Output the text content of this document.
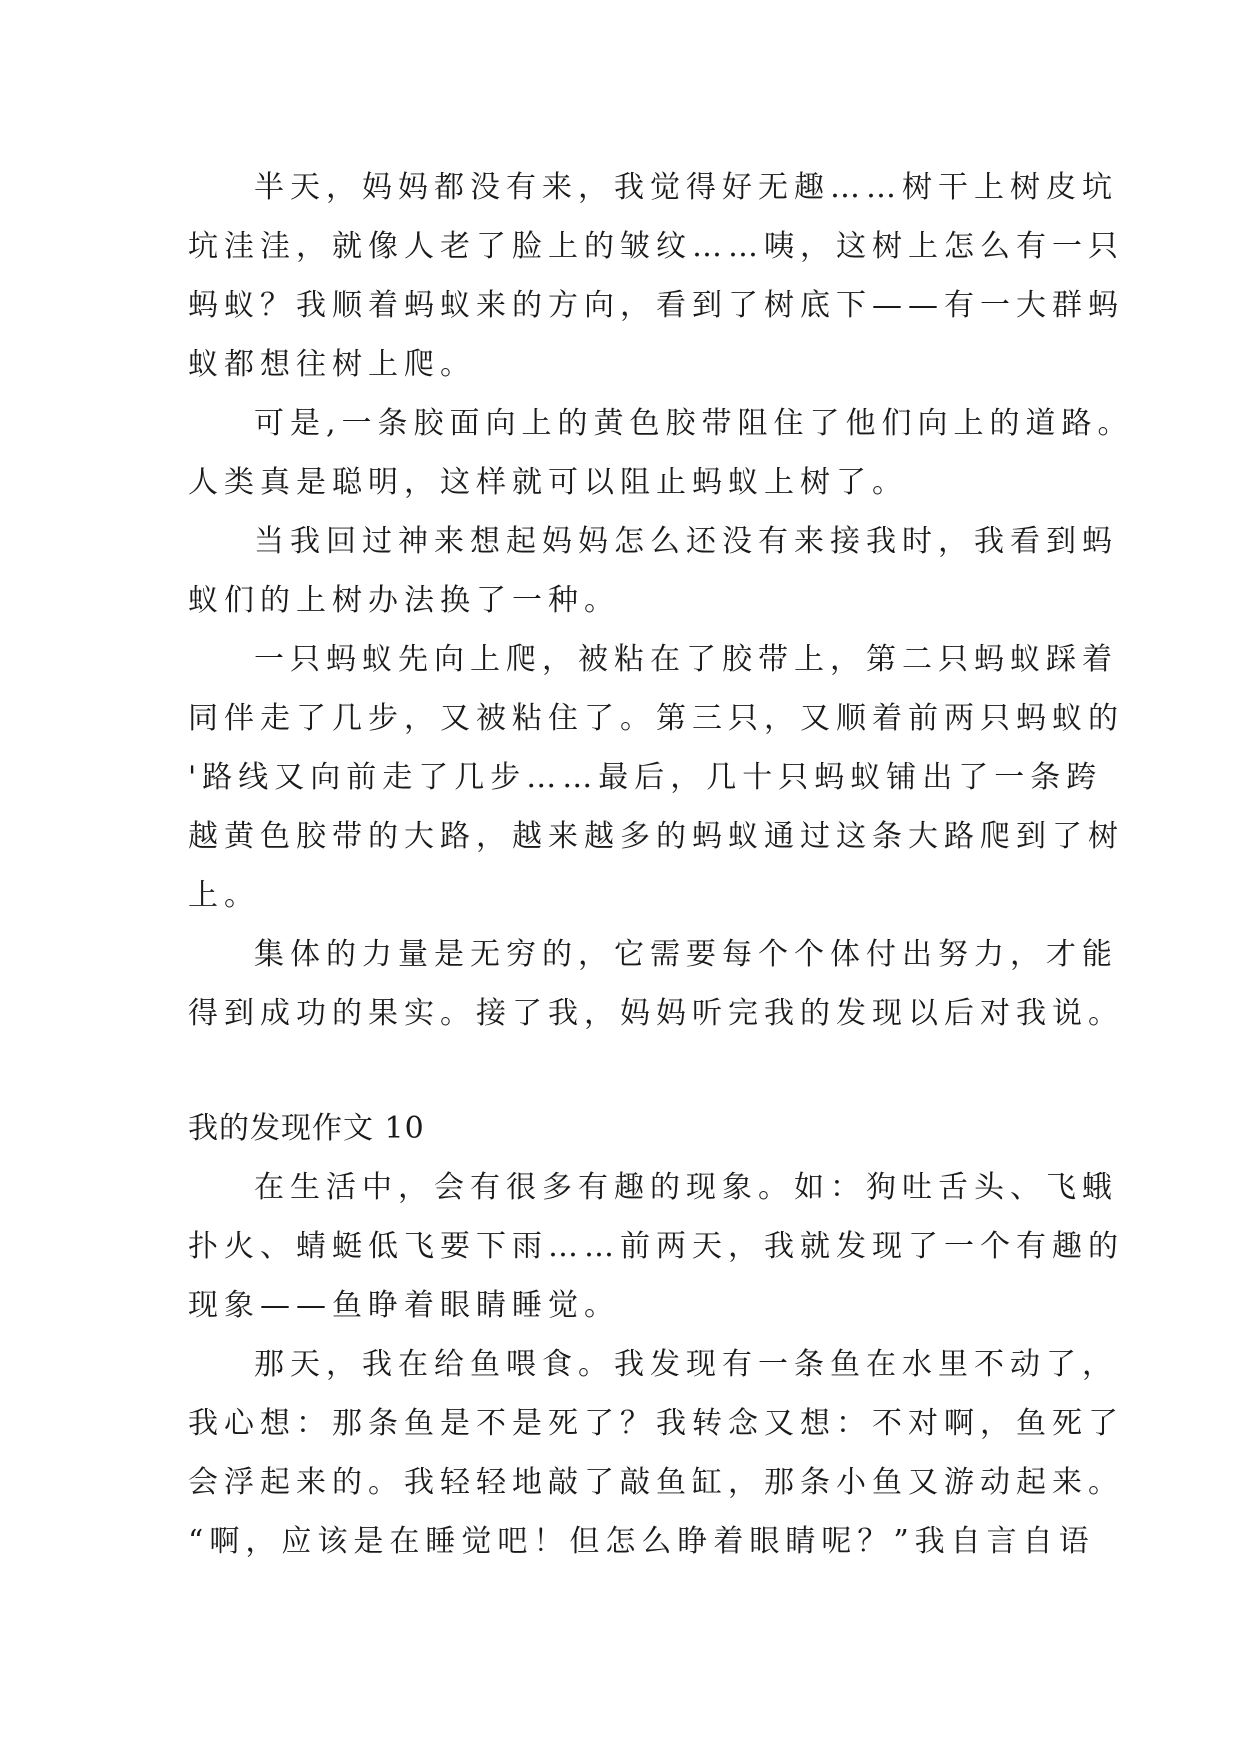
半天，妈妈都没有来，我觉得好无趣……树干上树皮坑
坑洼洼，就像人老了脸上的皱纹……咦，这树上怎么有一只
蚂蚁？我顺着蚂蚁来的方向，看到了树底下——有一大群蚂
蚁都想往树上爬。
可是,一条胶面向上的黄色胶带阻住了他们向上的道路。
人类真是聪明，这样就可以阻止蚂蚁上树了。
当我回过神来想起妈妈怎么还没有来接我时，我看到蚂
蚁们的上树办法换了一种。
一只蚂蚁先向上爬，被粘在了胶带上，第二只蚂蚁踩着
同伴走了几步，又被粘住了。第三只，又顺着前两只蚂蚁的
'路线又向前走了几步……最后，几十只蚂蚁铺出了一条跨
越黄色胶带的大路，越来越多的蚂蚁通过这条大路爬到了树
上。
集体的力量是无穷的，它需要每个个体付出努力，才能
得到成功的果实。接了我，妈妈听完我的发现以后对我说。
我的发现作文 10
在生活中，会有很多有趣的现象。如：狗吐舌头、飞蛾
扑火、蜻蜓低飞要下雨……前两天，我就发现了一个有趣的
现象——鱼睁着眼睛睡觉。
那天，我在给鱼喂食。我发现有一条鱼在水里不动了，
我心想：那条鱼是不是死了？我转念又想：不对啊，鱼死了
会浮起来的。我轻轻地敲了敲鱼缸，那条小鱼又游动起来。
“啊，应该是在睡觉吧！但怎么睁着眼睛呢？”我自言自语
